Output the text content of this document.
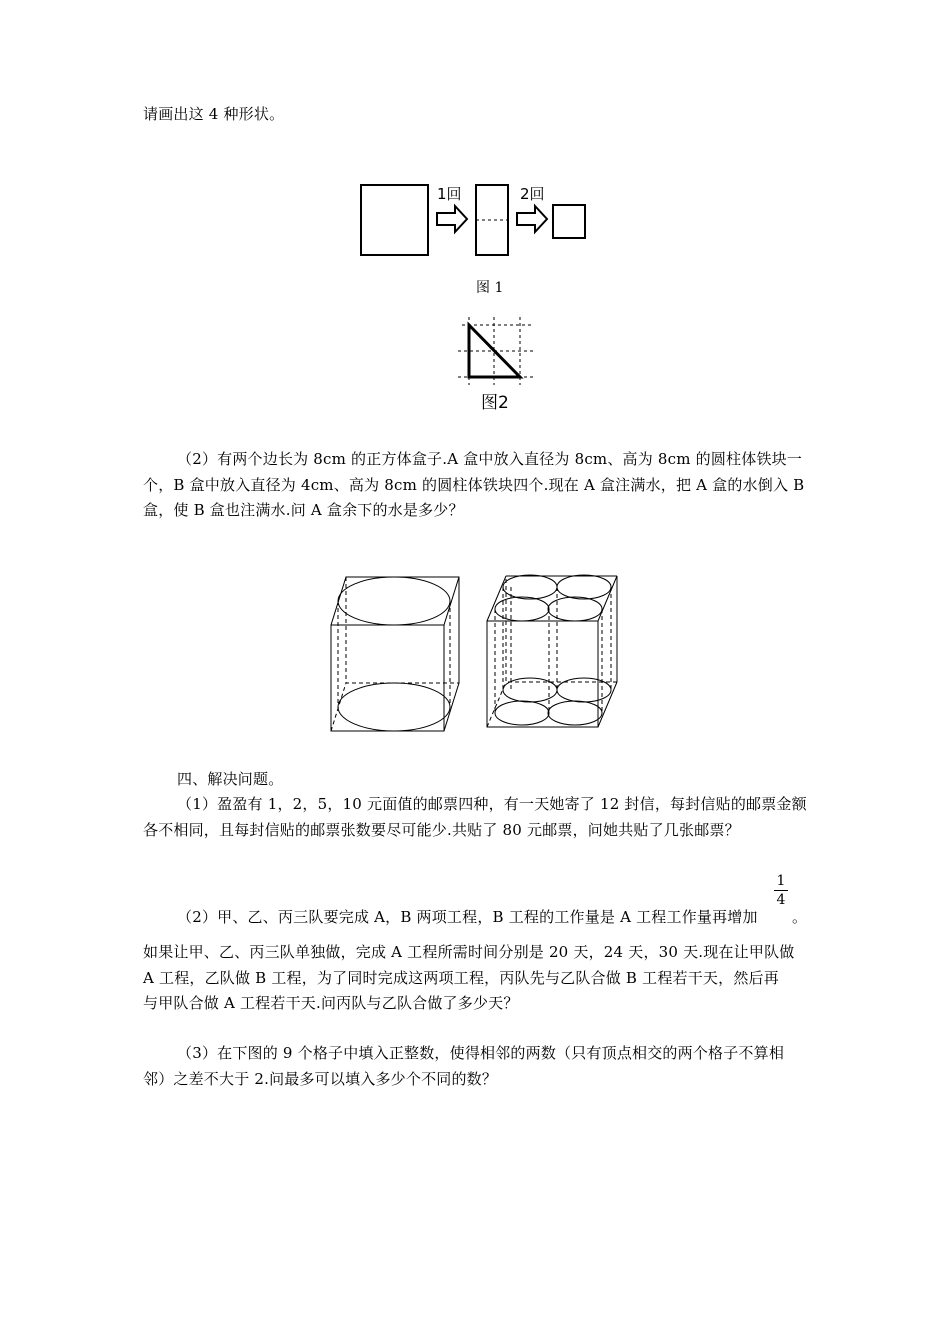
请画出这 4 种形状。
1回	2回
图 1
图2
（2）有两个边长为 8cm 的正方体盒子.A 盒中放入直径为 8cm、高为 8cm 的圆柱体铁块一
个，B 盒中放入直径为 4cm、高为 8cm 的圆柱体铁块四个.现在 A 盒注满水，把 A 盒的水倒入 B
盒，使 B 盒也注满水.问 A 盒余下的水是多少？
四、解决问题。
（1）盈盈有 1，2，5，10 元面值的邮票四种，有一天她寄了 12 封信，每封信贴的邮票金额
各不相同，且每封信贴的邮票张数要尽可能少.共贴了 80 元邮票，问她共贴了几张邮票？
（2）甲、乙、丙三队要完成 A，B 两项工程，B 工程的工作量是 A 工程工作量再增加
1
4
。
如果让甲、乙、丙三队单独做，完成 A 工程所需时间分别是 20 天，24 天，30 天.现在让甲队做
A 工程，乙队做 B 工程，为了同时完成这两项工程，丙队先与乙队合做 B 工程若干天，然后再
与甲队合做 A 工程若干天.问丙队与乙队合做了多少天？
（3）在下图的 9 个格子中填入正整数，使得相邻的两数（只有顶点相交的两个格子不算相
邻）之差不大于 2.问最多可以填入多少个不同的数？
